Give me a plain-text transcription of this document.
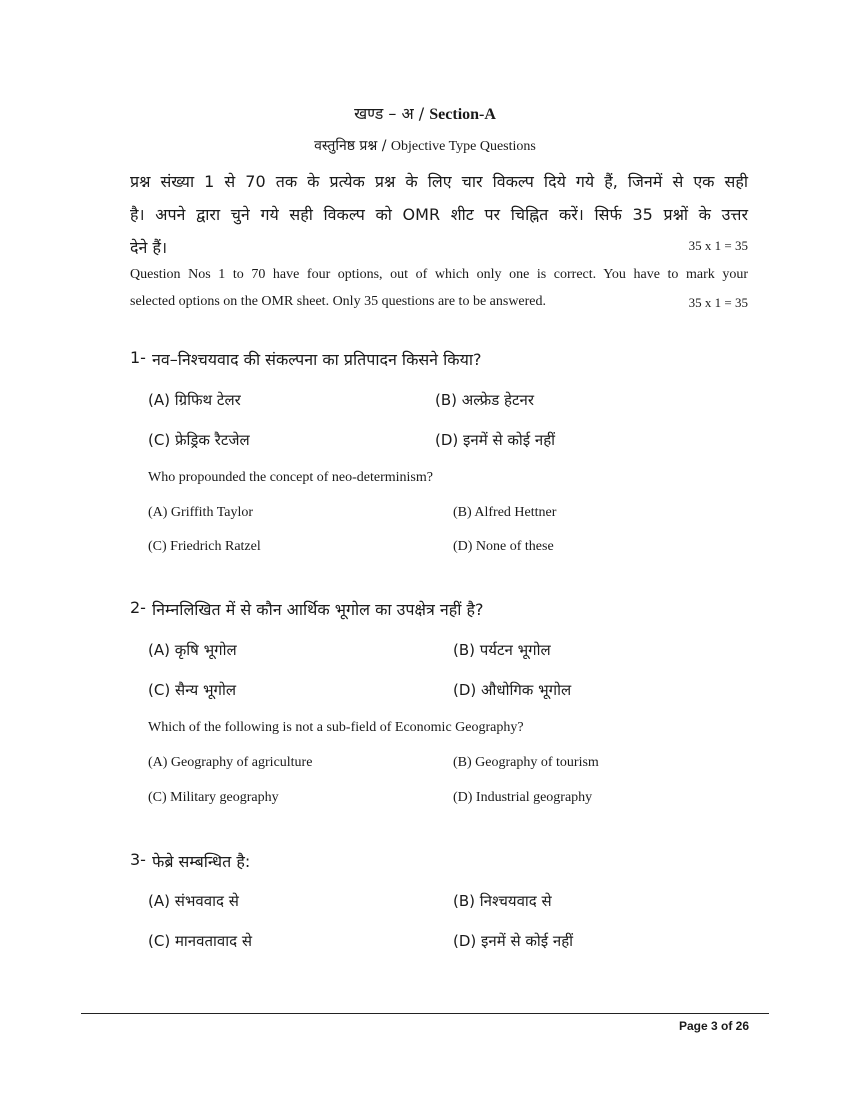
खण्ड – अ / Section-A
वस्तुनिष्ठ प्रश्न / Objective Type Questions
प्रश्न संख्या 1 से 70 तक के प्रत्येक प्रश्न के लिए चार विकल्प दिये गये हैं, जिनमें से एक सही
है। अपने द्वारा चुने गये सही विकल्प को OMR शीट पर चिह्नित करें। सिर्फ 35 प्रश्नों के उत्तर
देने हैं।	35 x 1 = 35
Question Nos 1 to 70 have four options, out of which only one is correct. You have to mark your
selected options on the OMR sheet. Only 35 questions are to be answered.	35 x 1 = 35
1- नव–निश्चयवाद की संकल्पना का प्रतिपादन किसने किया?
(A) ग्रिफिथ टेलर	(B) अल्फ्रेड हेटनर
(C) फ्रेड्रिक रैटजेल	(D) इनमें से कोई नहीं
Who propounded the concept of neo-determinism?
(A) Griffith Taylor	(B) Alfred Hettner
(C) Friedrich Ratzel	(D) None of these
2- निम्नलिखित में से कौन आर्थिक भूगोल का उपक्षेत्र नहीं है?
(A) कृषि भूगोल	(B) पर्यटन भूगोल
(C) सैन्य भूगोल	(D) औधोगिक भूगोल
Which of the following is not a sub-field of Economic Geography?
(A) Geography of agriculture	(B) Geography of tourism
(C) Military geography	(D) Industrial geography
3- फेब्रे सम्बन्धित है:
(A) संभववाद से	(B) निश्चयवाद से
(C) मानवतावाद से	(D) इनमें से कोई नहीं
Page 3 of 26
